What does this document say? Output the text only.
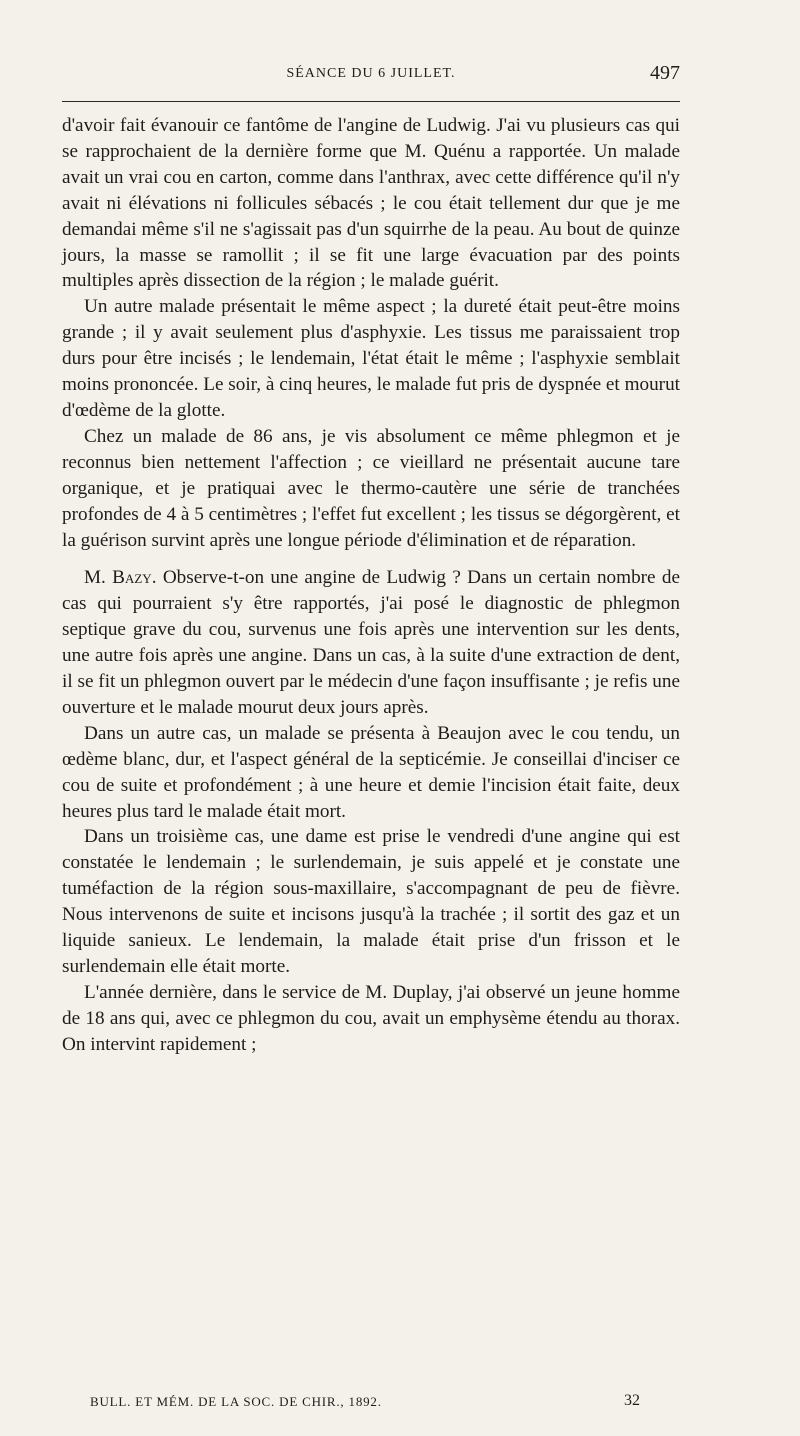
SÉANCE DU 6 JUILLET.	497

d'avoir fait évanouir ce fantôme de l'angine de Ludwig. J'ai vu plusieurs cas qui se rapprochaient de la dernière forme que M. Quénu a rapportée. Un malade avait un vrai cou en carton, comme dans l'anthrax, avec cette différence qu'il n'y avait ni élévations ni follicules sébacés ; le cou était tellement dur que je me demandai même s'il ne s'agissait pas d'un squirrhe de la peau. Au bout de quinze jours, la masse se ramollit ; il se fit une large évacuation par des points multiples après dissection de la région ; le malade guérit.

Un autre malade présentait le même aspect ; la dureté était peut-être moins grande ; il y avait seulement plus d'asphyxie. Les tissus me paraissaient trop durs pour être incisés ; le lendemain, l'état était le même ; l'asphyxie semblait moins prononcée. Le soir, à cinq heures, le malade fut pris de dyspnée et mourut d'œdème de la glotte.

Chez un malade de 86 ans, je vis absolument ce même phlegmon et je reconnus bien nettement l'affection ; ce vieillard ne présentait aucune tare organique, et je pratiquai avec le thermo-cautère une série de tranchées profondes de 4 à 5 centimètres ; l'effet fut excellent ; les tissus se dégorgèrent, et la guérison survint après une longue période d'élimination et de réparation.

M. Bazy. Observe-t-on une angine de Ludwig ? Dans un certain nombre de cas qui pourraient s'y être rapportés, j'ai posé le diagnostic de phlegmon septique grave du cou, survenus une fois après une intervention sur les dents, une autre fois après une angine. Dans un cas, à la suite d'une extraction de dent, il se fit un phlegmon ouvert par le médecin d'une façon insuffisante ; je refis une ouverture et le malade mourut deux jours après.

Dans un autre cas, un malade se présenta à Beaujon avec le cou tendu, un œdème blanc, dur, et l'aspect général de la septicémie. Je conseillai d'inciser ce cou de suite et profondément ; à une heure et demie l'incision était faite, deux heures plus tard le malade était mort.

Dans un troisième cas, une dame est prise le vendredi d'une angine qui est constatée le lendemain ; le surlendemain, je suis appelé et je constate une tuméfaction de la région sous-maxillaire, s'accompagnant de peu de fièvre. Nous intervenons de suite et incisons jusqu'à la trachée ; il sortit des gaz et un liquide sanieux. Le lendemain, la malade était prise d'un frisson et le surlendemain elle était morte.

L'année dernière, dans le service de M. Duplay, j'ai observé un jeune homme de 18 ans qui, avec ce phlegmon du cou, avait un emphysème étendu au thorax. On intervint rapidement ;

BULL. ET MÉM. DE LA SOC. DE CHIR., 1892.	32
